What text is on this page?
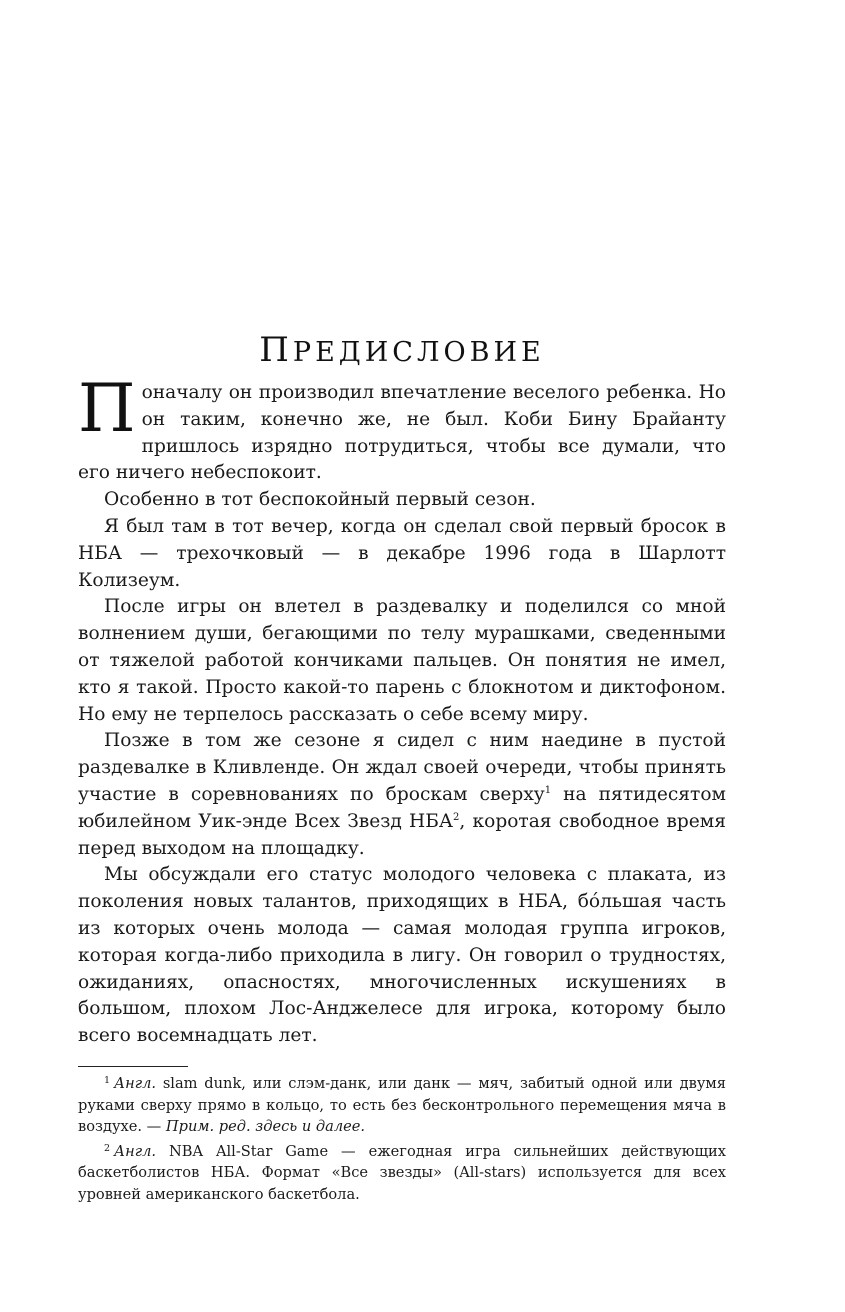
ПРЕДИСЛОВИЕ

Поначалу он производил впечатление веселого ребенка. Но он таким, конечно же, не был. Коби Бину Брайанту пришлось изрядно потрудиться, чтобы все думали, что его ничего небеспокоит.

Особенно в тот беспокойный первый сезон.

Я был там в тот вечер, когда он сделал свой первый бросок в НБА — трехочковый — в декабре 1996 года в Шарлотт Колизеум.

После игры он влетел в раздевалку и поделился со мной волнением души, бегающими по телу мурашками, сведенными от тяжелой работой кончиками пальцев. Он понятия не имел, кто я такой. Просто какой-то парень с блокнотом и диктофоном. Но ему не терпелось рассказать о себе всему миру.

Позже в том же сезоне я сидел с ним наедине в пустой раздевалке в Кливленде. Он ждал своей очереди, чтобы принять участие в соревнованиях по броскам сверху$^1$ на пятидесятом юбилейном Уик-энде Всех Звезд НБА$^2$, коротая свободное время перед выходом на площадку.

Мы обсуждали его статус молодого человека с плаката, из поколения новых талантов, приходящих в НБА, бóльшая часть из которых очень молода — самая молодая группа игроков, которая когда-либо приходила в лигу. Он говорил о трудностях, ожиданиях, опасностях, многочисленных искушениях в большом, плохом Лос-Анджелесе для игрока, которому было всего восемнадцать лет.

$^1$ Англ. slam dunk, или слэм-данк, или данк — мяч, забитый одной или двумя руками сверху прямо в кольцо, то есть без бесконтрольного перемещения мяча в воздухе. — Прим. ред. здесь и далее.

$^2$ Англ. NBA All-Star Game — ежегодная игра сильнейших действующих баскетболистов НБА. Формат «Все звезды» (All-stars) используется для всех уровней американского баскетбола.
